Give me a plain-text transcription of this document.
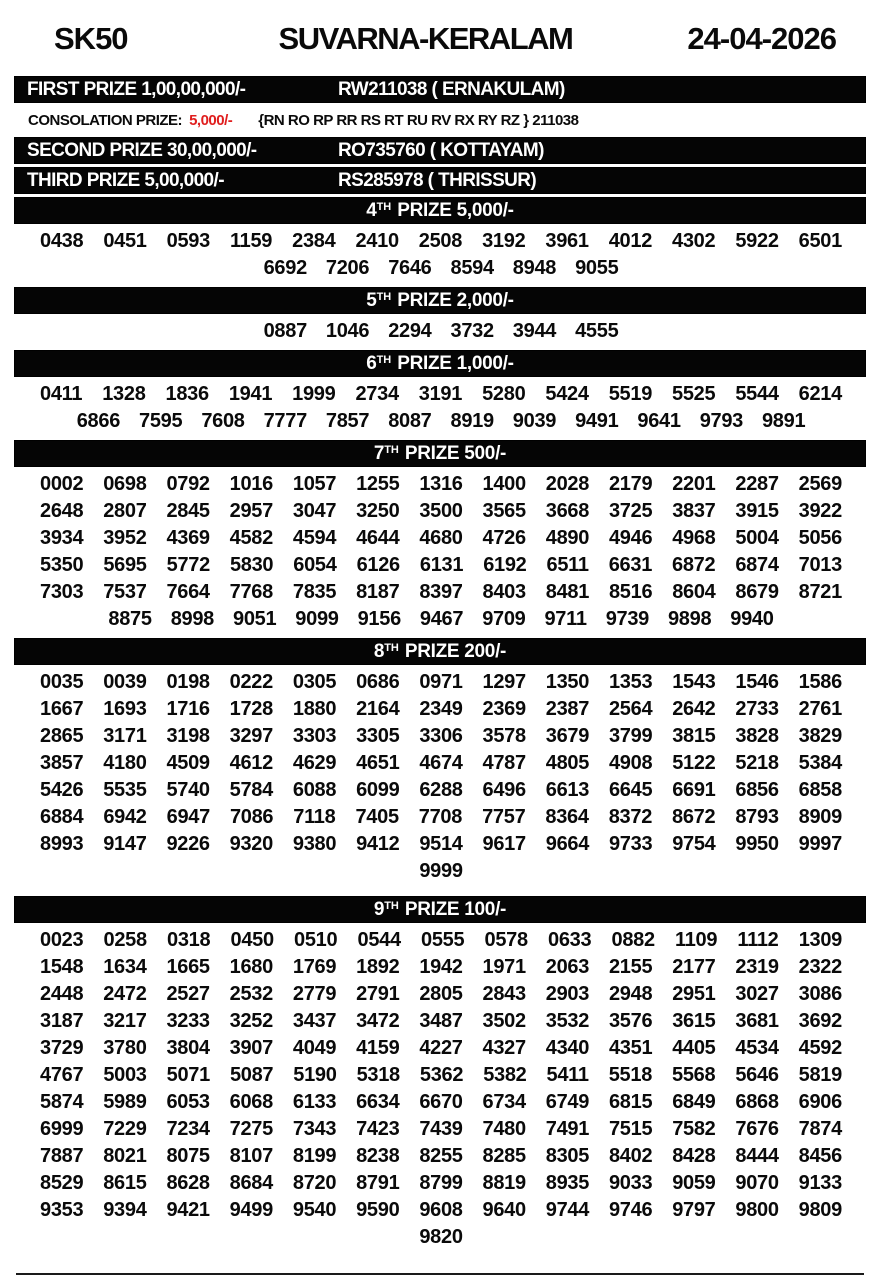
SK50	SUVARNA-KERALAM	24-04-2026
FIRST PRIZE 1,00,00,000/-	RW211038 ( ERNAKULAM)
CONSOLATION PRIZE: 5,000/- {RN RO RP RR RS RT RU RV RX RY RZ } 211038
SECOND PRIZE 30,00,000/-	RO735760 ( KOTTAYAM)
THIRD PRIZE 5,00,000/-	RS285978 ( THRISSUR)
4 TH PRIZE 5,000/-
0438 0451 0593 1159 2384 2410 2508 3192 3961 4012 4302 5922 6501
6692 7206 7646 8594 8948 9055
5 TH PRIZE 2,000/-
0887 1046 2294 3732 3944 4555
6 TH PRIZE 1,000/-
0411 1328 1836 1941 1999 2734 3191 5280 5424 5519 5525 5544 6214
6866 7595 7608 7777 7857 8087 8919 9039 9491 9641 9793 9891
7 TH PRIZE 500/-
0002 0698 0792 1016 1057 1255 1316 1400 2028 2179 2201 2287 2569
2648 2807 2845 2957 3047 3250 3500 3565 3668 3725 3837 3915 3922
3934 3952 4369 4582 4594 4644 4680 4726 4890 4946 4968 5004 5056
5350 5695 5772 5830 6054 6126 6131 6192 6511 6631 6872 6874 7013
7303 7537 7664 7768 7835 8187 8397 8403 8481 8516 8604 8679 8721
8875 8998 9051 9099 9156 9467 9709 9711 9739 9898 9940
8 TH PRIZE 200/-
0035 0039 0198 0222 0305 0686 0971 1297 1350 1353 1543 1546 1586
1667 1693 1716 1728 1880 2164 2349 2369 2387 2564 2642 2733 2761
2865 3171 3198 3297 3303 3305 3306 3578 3679 3799 3815 3828 3829
3857 4180 4509 4612 4629 4651 4674 4787 4805 4908 5122 5218 5384
5426 5535 5740 5784 6088 6099 6288 6496 6613 6645 6691 6856 6858
6884 6942 6947 7086 7118 7405 7708 7757 8364 8372 8672 8793 8909
8993 9147 9226 9320 9380 9412 9514 9617 9664 9733 9754 9950 9997
9999
9 TH PRIZE 100/-
0023 0258 0318 0450 0510 0544 0555 0578 0633 0882 1109 1112 1309
1548 1634 1665 1680 1769 1892 1942 1971 2063 2155 2177 2319 2322
2448 2472 2527 2532 2779 2791 2805 2843 2903 2948 2951 3027 3086
3187 3217 3233 3252 3437 3472 3487 3502 3532 3576 3615 3681 3692
3729 3780 3804 3907 4049 4159 4227 4327 4340 4351 4405 4534 4592
4767 5003 5071 5087 5190 5318 5362 5382 5411 5518 5568 5646 5819
5874 5989 6053 6068 6133 6634 6670 6734 6749 6815 6849 6868 6906
6999 7229 7234 7275 7343 7423 7439 7480 7491 7515 7582 7676 7874
7887 8021 8075 8107 8199 8238 8255 8285 8305 8402 8428 8444 8456
8529 8615 8628 8684 8720 8791 8799 8819 8935 9033 9059 9070 9133
9353 9394 9421 9499 9540 9590 9608 9640 9744 9746 9797 9800 9809
9820
